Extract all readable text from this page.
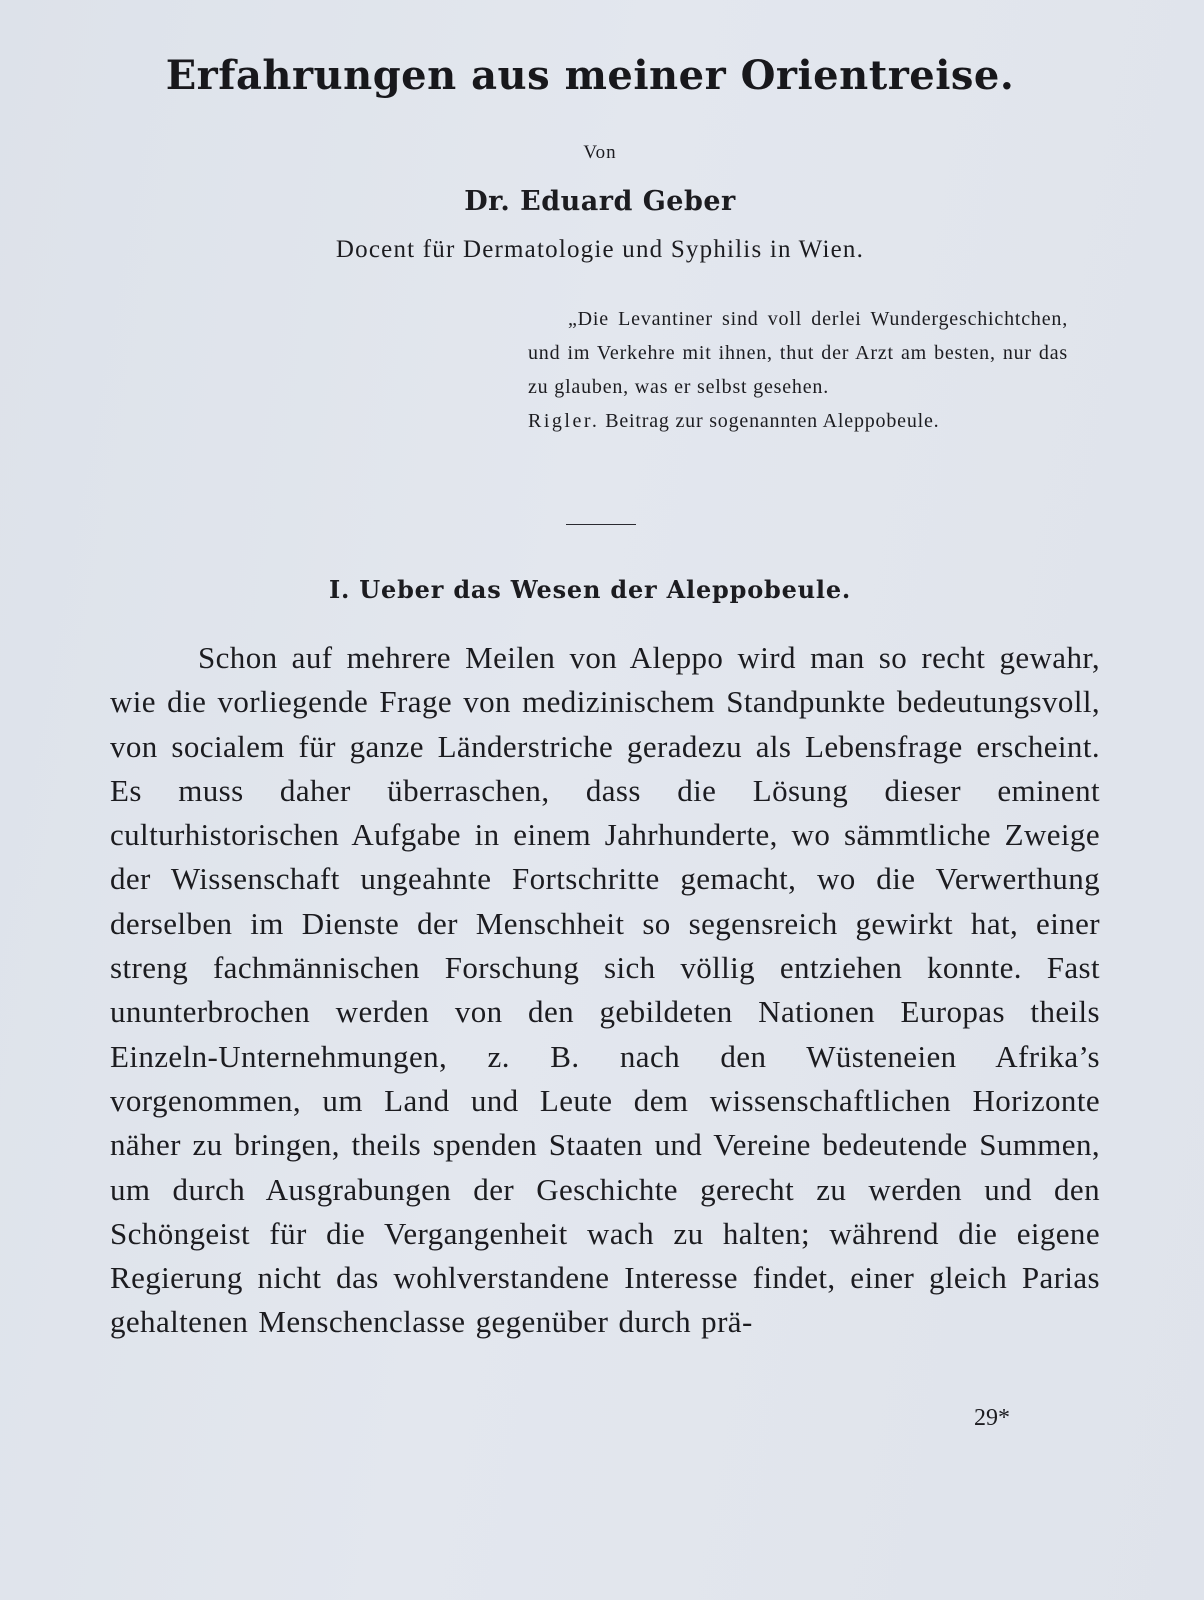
Erfahrungen aus meiner Orientreise.
Von
Dr. Eduard Geber
Docent für Dermatologie und Syphilis in Wien.
„Die Levantiner sind voll derlei Wundergeschichtchen, und im Verkehre mit ihnen, thut der Arzt am besten, nur das zu glauben, was er selbst gesehen.
Rigler. Beitrag zur sogenannten Aleppobeule.
I. Ueber das Wesen der Aleppobeule.
Schon auf mehrere Meilen von Aleppo wird man so recht gewahr, wie die vorliegende Frage von medizinischem Standpunkte bedeutungsvoll, von socialem für ganze Länderstriche geradezu als Lebensfrage erscheint. Es muss daher überraschen, dass die Lösung dieser eminent culturhistorischen Aufgabe in einem Jahrhunderte, wo sämmtliche Zweige der Wissenschaft ungeahnte Fortschritte gemacht, wo die Verwerthung derselben im Dienste der Menschheit so segensreich gewirkt hat, einer streng fachmännischen Forschung sich völlig entziehen konnte. Fast ununterbrochen werden von den gebildeten Nationen Europas theils Einzeln-Unternehmungen, z. B. nach den Wüsteneien Afrika’s vorgenommen, um Land und Leute dem wissenschaftlichen Horizonte näher zu bringen, theils spenden Staaten und Vereine bedeutende Summen, um durch Ausgrabungen der Geschichte gerecht zu werden und den Schöngeist für die Vergangenheit wach zu halten; während die eigene Regierung nicht das wohlverstandene Interesse findet, einer gleich Parias gehaltenen Menschenclasse gegenüber durch prä-
29*
